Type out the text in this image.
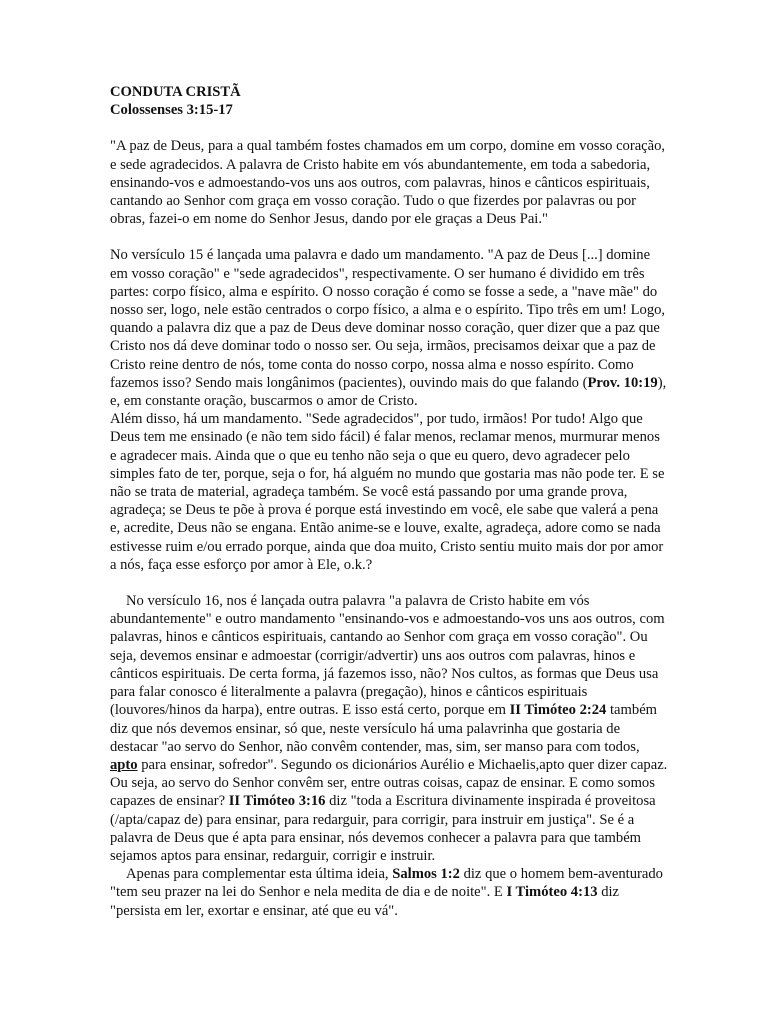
CONDUTA CRISTÃ
Colossenses 3:15-17

"A paz de Deus, para a qual também fostes chamados em um corpo, domine em vosso coração, e sede agradecidos. A palavra de Cristo habite em vós abundantemente, em toda a sabedoria, ensinando-vos e admoestando-vos uns aos outros, com palavras, hinos e cânticos espirituais, cantando ao Senhor com graça em vosso coração. Tudo o que fizerdes por palavras ou por obras, fazei-o em nome do Senhor Jesus, dando por ele graças a Deus Pai."

No versículo 15 é lançada uma palavra e dado um mandamento. "A paz de Deus [...] domine em vosso coração" e "sede agradecidos", respectivamente. O ser humano é dividido em três partes: corpo físico, alma e espírito. O nosso coração é como se fosse a sede, a "nave mãe" do nosso ser, logo, nele estão centrados o corpo físico, a alma e o espírito. Tipo três em um! Logo, quando a palavra diz que a paz de Deus deve dominar nosso coração, quer dizer que a paz que Cristo nos dá deve dominar todo o nosso ser. Ou seja, irmãos, precisamos deixar que a paz de Cristo reine dentro de nós, tome conta do nosso corpo, nossa alma e nosso espírito. Como fazemos isso? Sendo mais longânimos (pacientes), ouvindo mais do que falando (Prov. 10:19), e, em constante oração, buscarmos o amor de Cristo.

Além disso, há um mandamento. "Sede agradecidos", por tudo, irmãos! Por tudo! Algo que Deus tem me ensinado (e não tem sido fácil) é falar menos, reclamar menos, murmurar menos e agradecer mais. Ainda que o que eu tenho não seja o que eu quero, devo agradecer pelo simples fato de ter, porque, seja o for, há alguém no mundo que gostaria mas não pode ter. E se não se trata de material, agradeça também. Se você está passando por uma grande prova, agradeça; se Deus te põe à prova é porque está investindo em você, ele sabe que valerá a pena e, acredite, Deus não se engana. Então anime-se e louve, exalte, agradeça, adore como se nada estivesse ruim e/ou errado porque, ainda que doa muito, Cristo sentiu muito mais dor por amor a nós, faça esse esforço por amor à Ele, o.k.?

No versículo 16, nos é lançada outra palavra "a palavra de Cristo habite em vós abundantemente" e outro mandamento "ensinando-vos e admoestando-vos uns aos outros, com palavras, hinos e cânticos espirituais, cantando ao Senhor com graça em vosso coração". Ou seja, devemos ensinar e admoestar (corrigir/advertir) uns aos outros com palavras, hinos e cânticos espirituais. De certa forma, já fazemos isso, não? Nos cultos, as formas que Deus usa para falar conosco é literalmente a palavra (pregação), hinos e cânticos espirituais (louvores/hinos da harpa), entre outras. E isso está certo, porque em II Timóteo 2:24 também diz que nós devemos ensinar, só que, neste versículo há uma palavrinha que gostaria de destacar "ao servo do Senhor, não convêm contender, mas, sim, ser manso para com todos, apto para ensinar, sofredor". Segundo os dicionários Aurélio e Michaelis,apto quer dizer capaz. Ou seja, ao servo do Senhor convêm ser, entre outras coisas, capaz de ensinar. E como somos capazes de ensinar? II Timóteo 3:16 diz "toda a Escritura divinamente inspirada é proveitosa (/apta/capaz de) para ensinar, para redarguir, para corrigir, para instruir em justiça". Se é a palavra de Deus que é apta para ensinar, nós devemos conhecer a palavra para que também sejamos aptos para ensinar, redarguir, corrigir e instruir.

Apenas para complementar esta última ideia, Salmos 1:2 diz que o homem bem-aventurado "tem seu prazer na lei do Senhor e nela medita de dia e de noite". E I Timóteo 4:13 diz "persista em ler, exortar e ensinar, até que eu vá".
